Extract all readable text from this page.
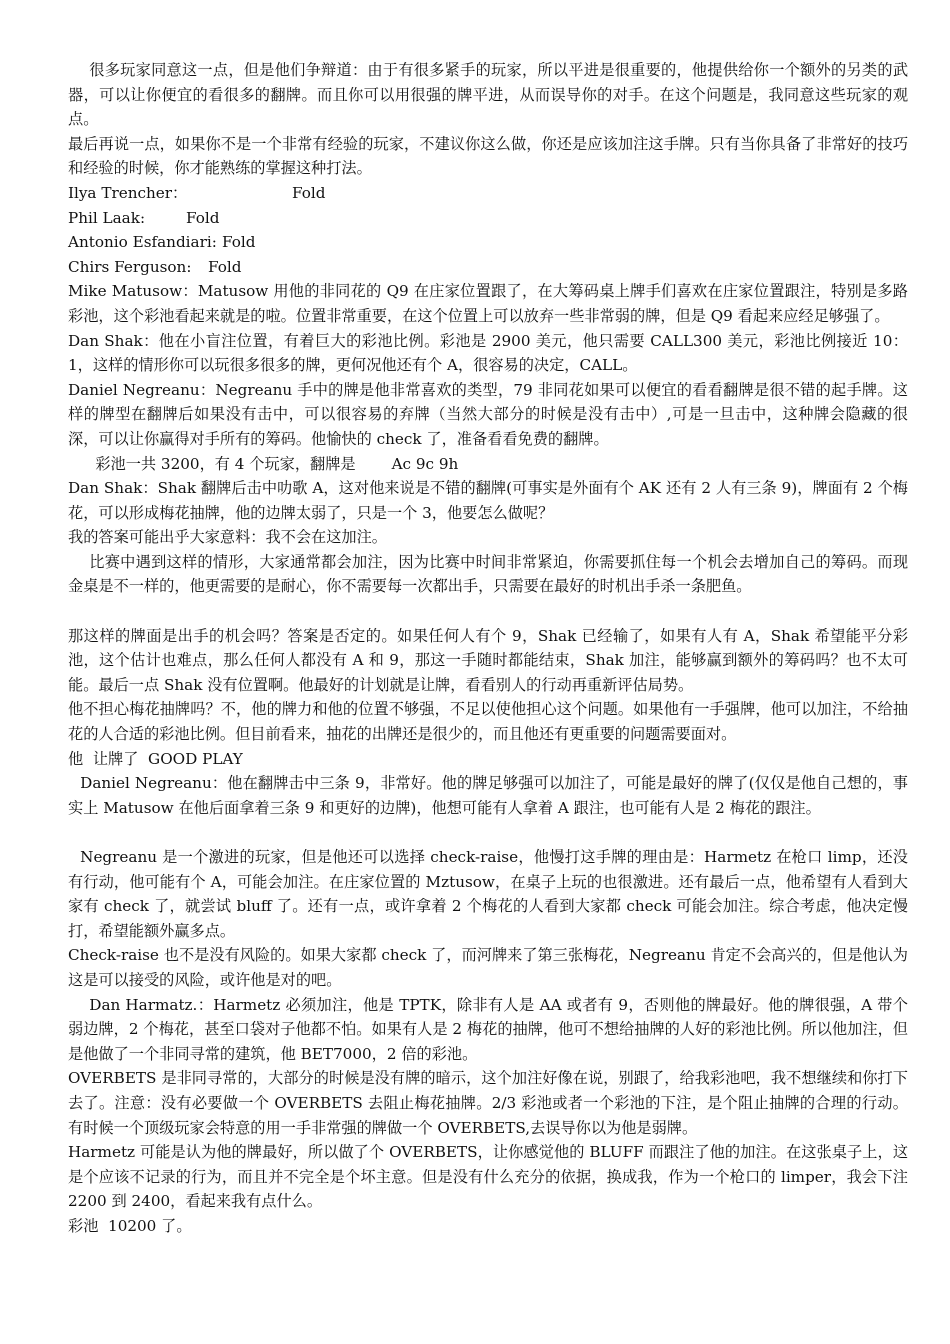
很多玩家同意这一点，但是他们争辩道：由于有很多紧手的玩家，所以平进是很重要的，他提供给你一个额外的另类的武器，可以让你便宜的看很多的翻牌。而且你可以用很强的牌平进，从而误导你的对手。在这个问题是，我同意这些玩家的观点。

最后再说一点，如果你不是一个非常有经验的玩家，不建议你这么做，你还是应该加注这手牌。只有当你具备了非常好的技巧和经验的时候，你才能熟练的掌握这种打法。

Ilya Trencher：	Fold
Phil Laak:	Fold
Antonio Esfandiari: Fold
Chirs Ferguson:	Fold

Mike Matusow：Matusow 用他的非同花的 Q9 在庄家位置跟了，在大筹码桌上牌手们喜欢在庄家位置跟注，特别是多路彩池，这个彩池看起来就是的啦。位置非常重要，在这个位置上可以放弃一些非常弱的牌，但是 Q9 看起来应经足够强了。

Dan Shak：他在小盲注位置，有着巨大的彩池比例。彩池是 2900 美元，他只需要 CALL300 美元，彩池比例接近 10：1，这样的情形你可以玩很多很多的牌，更何况他还有个 A，很容易的决定，CALL。

Daniel Negreanu：Negreanu 手中的牌是他非常喜欢的类型，79 非同花如果可以便宜的看看翻牌是很不错的起手牌。这样的牌型在翻牌后如果没有击中，可以很容易的弃牌（当然大部分的时候是没有击中）,可是一旦击中，这种牌会隐藏的很深，可以让你赢得对手所有的筹码。他愉快的 check 了，准备看看免费的翻牌。

彩池一共 3200，有 4 个玩家，翻牌是 Ac 9c 9h

Dan Shak：Shak 翻牌后击中叻歌 A，这对他来说是不错的翻牌(可事实是外面有个 AK 还有 2 人有三条 9)，牌面有 2 个梅花，可以形成梅花抽牌，他的边牌太弱了，只是一个 3，他要怎么做呢？

我的答案可能出乎大家意料：我不会在这加注。

比赛中遇到这样的情形，大家通常都会加注，因为比赛中时间非常紧迫，你需要抓住每一个机会去增加自己的筹码。而现金桌是不一样的，他更需要的是耐心，你不需要每一次都出手，只需要在最好的时机出手杀一条肥鱼。

那这样的牌面是出手的机会吗？答案是否定的。如果任何人有个 9，Shak 已经输了，如果有人有 A，Shak 希望能平分彩池，这个估计也难点，那么任何人都没有 A 和 9，那这一手随时都能结束，Shak 加注，能够赢到额外的筹码吗？也不太可能。最后一点 Shak 没有位置啊。他最好的计划就是让牌，看看别人的行动再重新评估局势。

他不担心梅花抽牌吗？不，他的牌力和他的位置不够强，不足以使他担心这个问题。如果他有一手强牌，他可以加注，不给抽花的人合适的彩池比例。但目前看来，抽花的出牌还是很少的，而且他还有更重要的问题需要面对。

他  让牌了  GOOD PLAY

Daniel Negreanu：他在翻牌击中三条 9，非常好。他的牌足够强可以加注了，可能是最好的牌了(仅仅是他自己想的，事实上 Matusow 在他后面拿着三条 9 和更好的边牌)，他想可能有人拿着 A 跟注，也可能有人是 2 梅花的跟注。

Negreanu 是一个激进的玩家，但是他还可以选择 check-raise，他慢打这手牌的理由是：Harmetz 在枪口 limp，还没有行动，他可能有个 A，可能会加注。在庄家位置的 Mztusow，在桌子上玩的也很激进。还有最后一点，他希望有人看到大家有 check 了，就尝试 bluff 了。还有一点，或许拿着 2 个梅花的人看到大家都 check 可能会加注。综合考虑，他决定慢打，希望能额外赢多点。

Check-raise 也不是没有风险的。如果大家都 check 了，而河牌来了第三张梅花，Negreanu 肯定不会高兴的，但是他认为这是可以接受的风险，或许他是对的吧。

Dan Harmatz.：Harmetz 必须加注，他是 TPTK，除非有人是 AA 或者有 9，否则他的牌最好。他的牌很强，A 带个弱边牌，2 个梅花，甚至口袋对子他都不怕。如果有人是 2 梅花的抽牌，他可不想给抽牌的人好的彩池比例。所以他加注，但是他做了一个非同寻常的建筑，他 BET7000，2 倍的彩池。

OVERBETS 是非同寻常的，大部分的时候是没有牌的暗示，这个加注好像在说，别跟了，给我彩池吧，我不想继续和你打下去了。注意：没有必要做一个 OVERBETS 去阻止梅花抽牌。2/3 彩池或者一个彩池的下注，是个阻止抽牌的合理的行动。有时候一个顶级玩家会特意的用一手非常强的牌做一个 OVERBETS,去误导你以为他是弱牌。

Harmetz 可能是认为他的牌最好，所以做了个 OVERBETS，让你感觉他的 BLUFF 而跟注了他的加注。在这张桌子上，这是个应该不记录的行为，而且并不完全是个坏主意。但是没有什么充分的依据，换成我，作为一个枪口的 limper，我会下注 2200 到 2400，看起来我有点什么。

彩池  10200 了。
